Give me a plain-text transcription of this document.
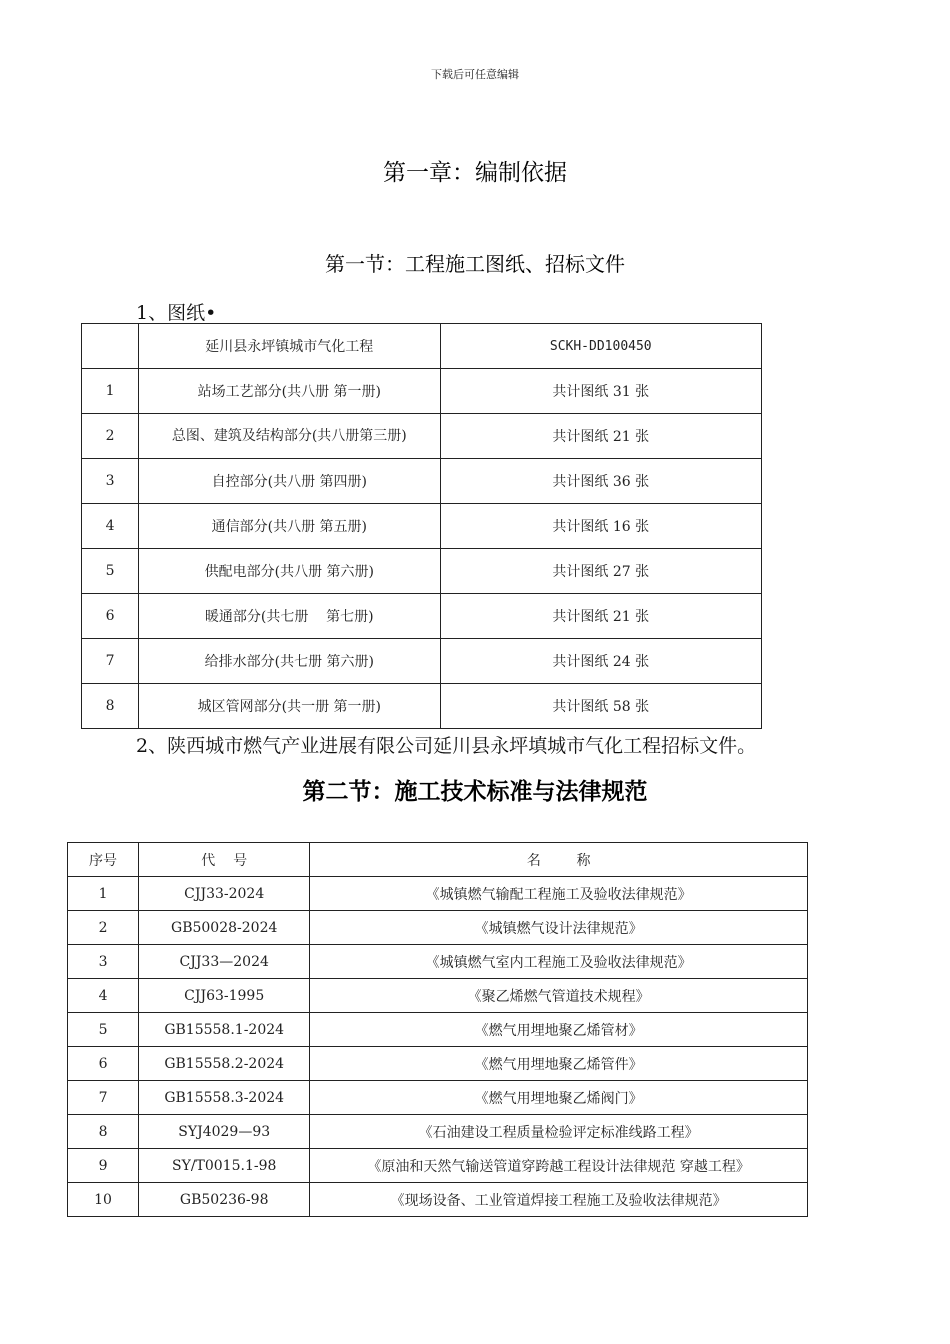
下载后可任意编辑
第一章：编制依据
第一节：工程施工图纸、招标文件
1、图纸•
	延川县永坪镇城市气化工程	SCKH-DD100450
1	站场工艺部分(共八册 第一册)	共计图纸 31 张
2	总图、建筑及结构部分(共八册第三册)	共计图纸 21 张
3	自控部分(共八册 第四册)	共计图纸 36 张
4	通信部分(共八册 第五册)	共计图纸 16 张
5	供配电部分(共八册 第六册)	共计图纸 27 张
6	暖通部分(共七册    第七册)	共计图纸 21 张
7	给排水部分(共七册 第六册)	共计图纸 24 张
8	城区管网部分(共一册 第一册)	共计图纸 58 张
2、陕西城市燃气产业进展有限公司延川县永坪填城市气化工程招标文件。
第二节：施工技术标准与法律规范
序号	代    号	名        称
1	CJJ33-2024	《城镇燃气输配工程施工及验收法律规范》
2	GB50028-2024	《城镇燃气设计法律规范》
3	CJJ33—2024	《城镇燃气室内工程施工及验收法律规范》
4	CJJ63-1995	《聚乙烯燃气管道技术规程》
5	GB15558.1-2024	《燃气用埋地聚乙烯管材》
6	GB15558.2-2024	《燃气用埋地聚乙烯管件》
7	GB15558.3-2024	《燃气用埋地聚乙烯阀门》
8	SYJ4029—93	《石油建设工程质量检验评定标准线路工程》
9	SY/T0015.1-98	《原油和天然气输送管道穿跨越工程设计法律规范 穿越工程》
10	GB50236-98	《现场设备、工业管道焊接工程施工及验收法律规范》
